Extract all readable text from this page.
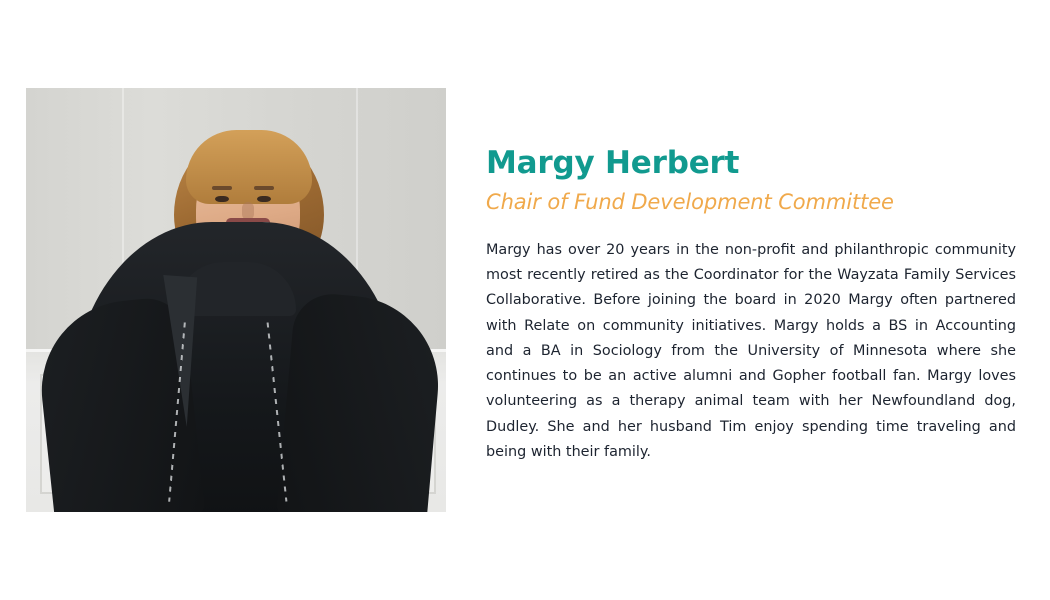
Margy Herbert
Chair of Fund Development Committee

Margy has over 20 years in the non-profit and philanthropic community most recently retired as the Coordinator for the Wayzata Family Services Collaborative. Before joining the board in 2020 Margy often partnered with Relate on community initiatives. Margy holds a BS in Accounting and a BA in Sociology from the University of Minnesota where she continues to be an active alumni and Gopher football fan. Margy loves volunteering as a therapy animal team with her Newfoundland dog, Dudley. She and her husband Tim enjoy spending time traveling and being with their family.
